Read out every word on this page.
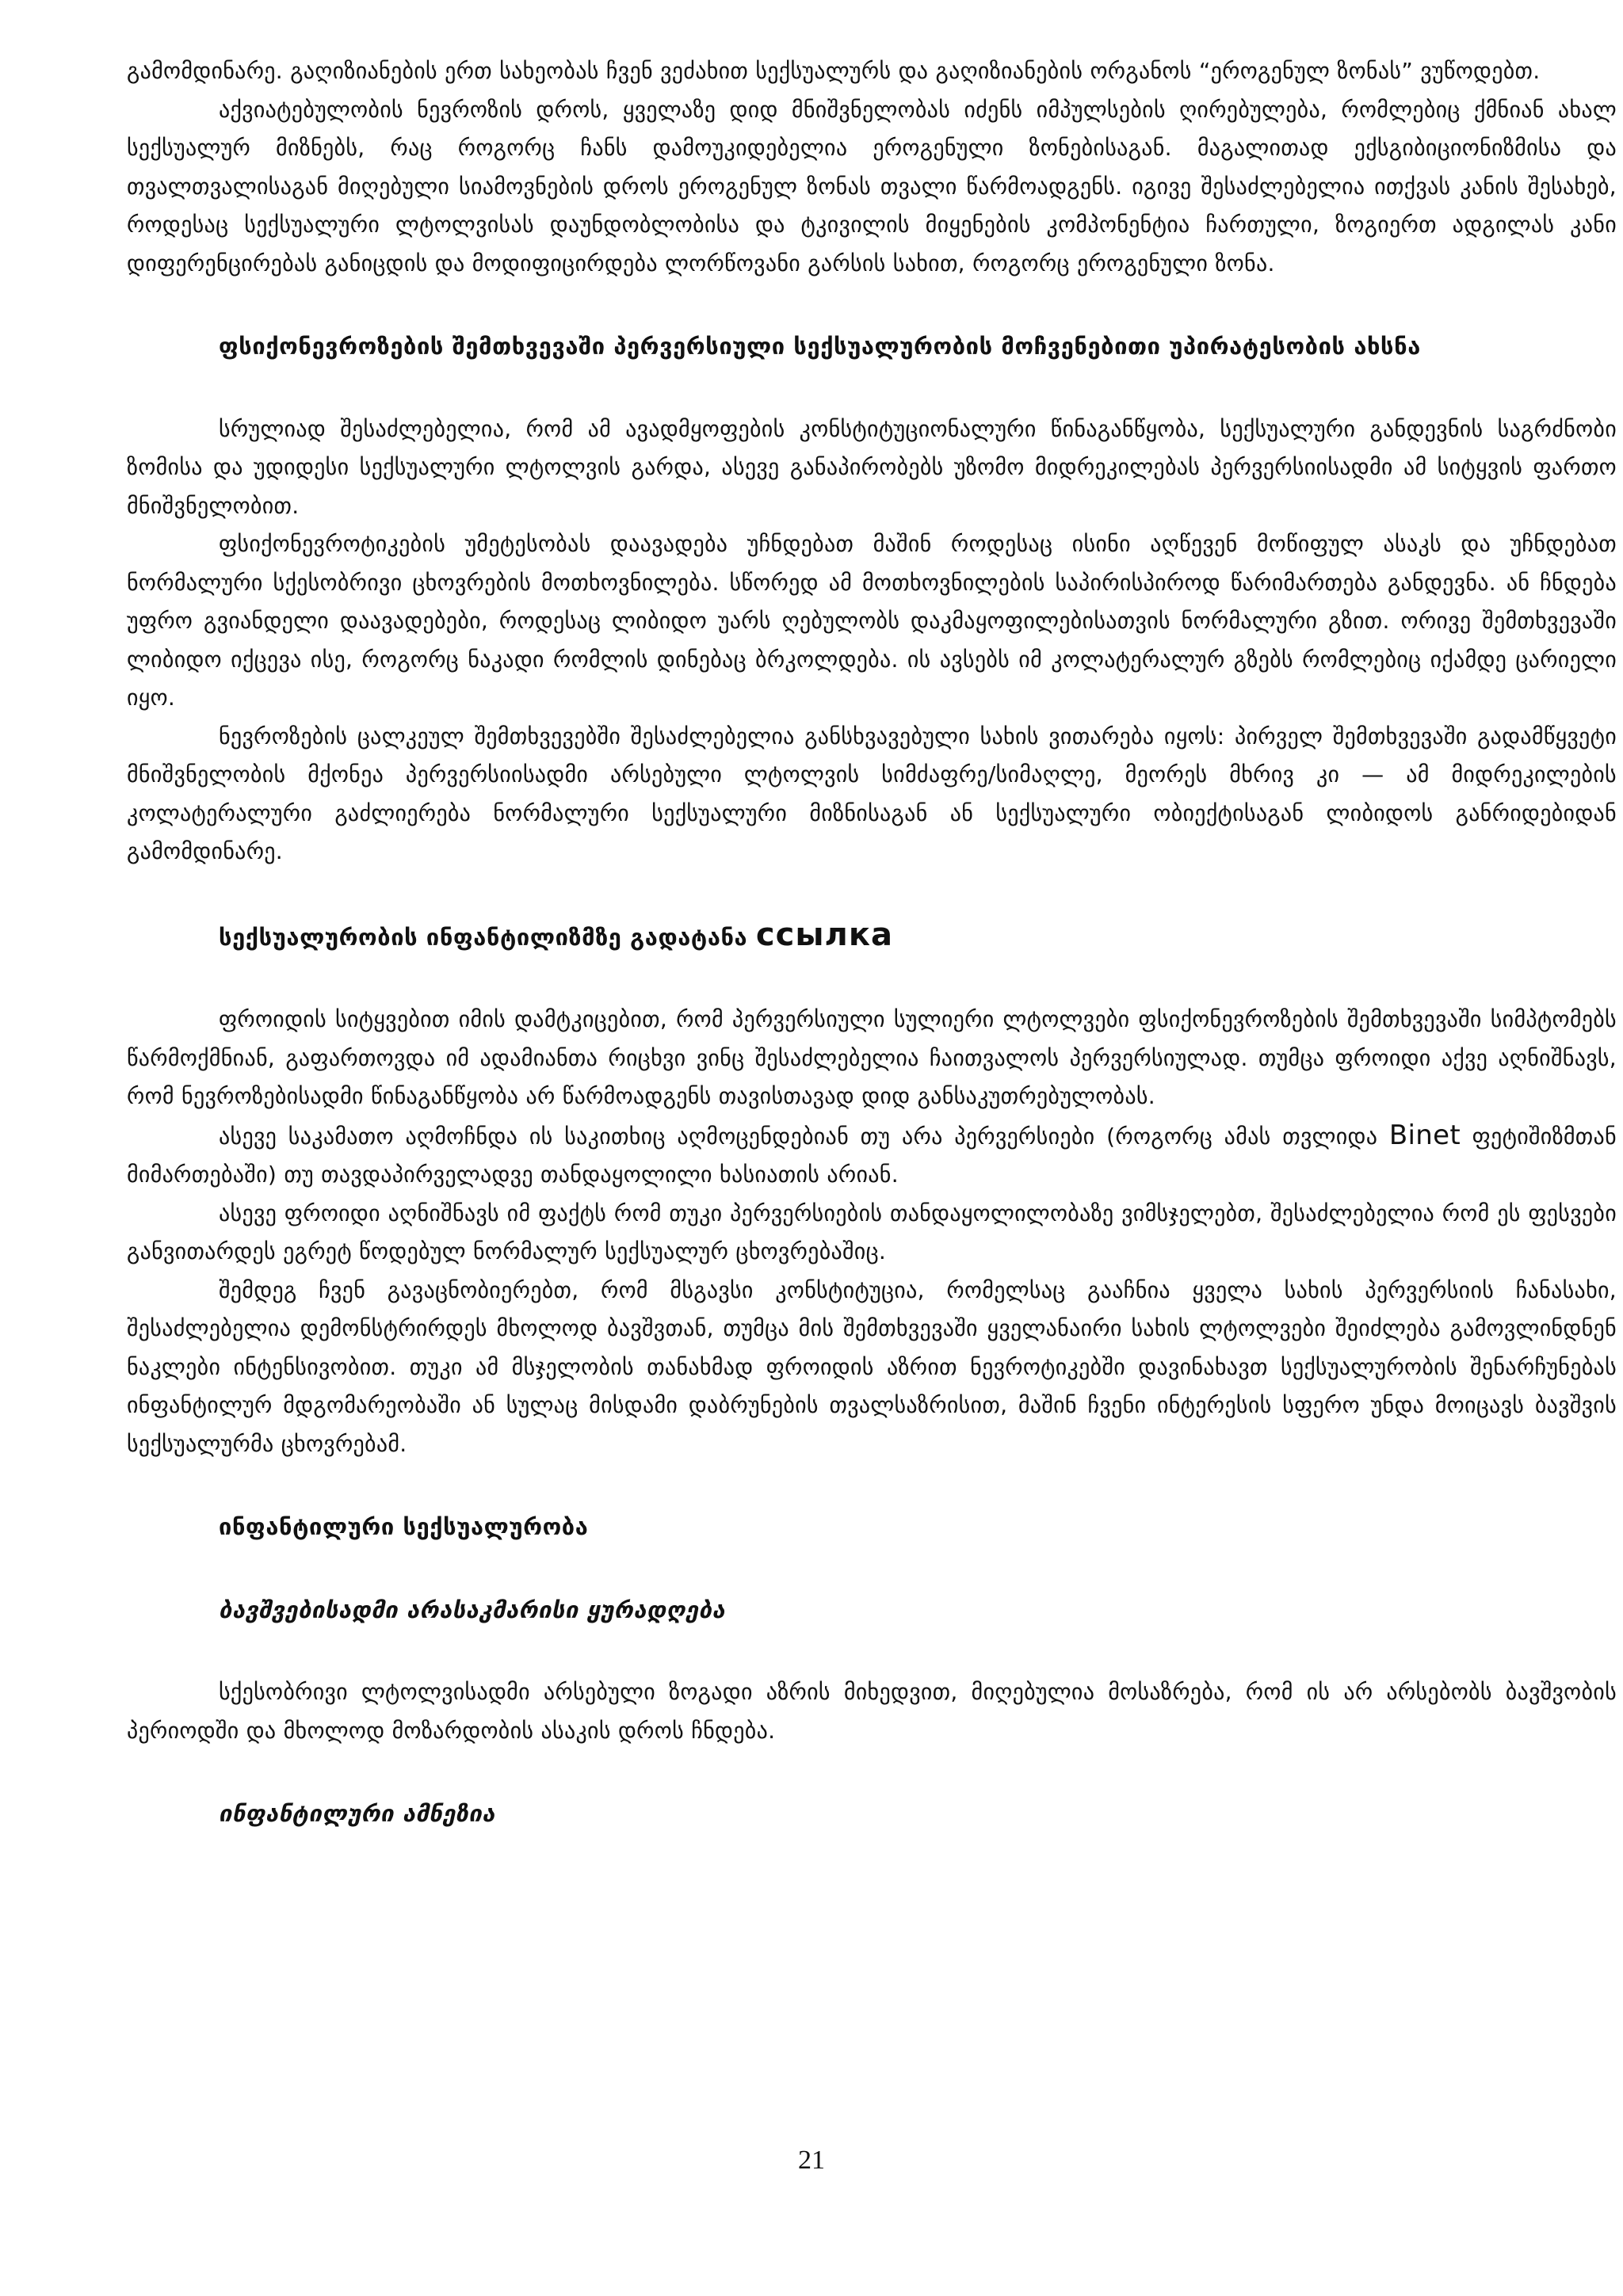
გამომდინარე. გაღიზიანების ერთ სახეობას ჩვენ ვეძახით სექსუალურს და გაღიზიანების ორგანოს “ეროგენულ ზონას” ვუწოდებთ.

აქვიატებულობის ნევროზის დროს, ყველაზე დიდ მნიშვნელობას იძენს იმპულსების ღირებულება, რომლებიც ქმნიან ახალ სექსუალურ მიზნებს, რაც როგორც ჩანს დამოუკიდებელია ეროგენული ზონებისაგან. მაგალითად ექსგიბიციონიზმისა და თვალთვალისაგან მიღებული სიამოვნების დროს ეროგენულ ზონას თვალი წარმოადგენს. იგივე შესაძლებელია ითქვას კანის შესახებ, როდესაც სექსუალური ლტოლვისას დაუნდობლობისა და ტკივილის მიყენების კომპონენტია ჩართული, ზოგიერთ ადგილას კანი დიფერენცირებას განიცდის და მოდიფიცირდება ლორწოვანი გარსის სახით, როგორც ეროგენული ზონა.

ფსიქონევროზების შემთხვევაში პერვერსიული სექსუალურობის მოჩვენებითი უპირატესობის ახსნა

სრულიად შესაძლებელია, რომ ამ ავადმყოფების კონსტიტუციონალური წინაგანწყობა, სექსუალური განდევნის საგრძნობი ზომისა და უდიდესი სექსუალური ლტოლვის გარდა, ასევე განაპირობებს უზომო მიდრეკილებას პერვერსიისადმი ამ სიტყვის ფართო მნიშვნელობით.

ფსიქონევროტიკების უმეტესობას დაავადება უჩნდებათ მაშინ როდესაც ისინი აღწევენ მოწიფულ ასაკს და უჩნდებათ ნორმალური სქესობრივი ცხოვრების მოთხოვნილება. სწორედ ამ მოთხოვნილების საპირისპიროდ წარიმართება განდევნა. ან ჩნდება უფრო გვიანდელი დაავადებები, როდესაც ლიბიდო უარს ღებულობს დაკმაყოფილებისათვის ნორმალური გზით. ორივე შემთხვევაში ლიბიდო იქცევა ისე, როგორც ნაკადი რომლის დინებაც ბრკოლდება. ის ავსებს იმ კოლატერალურ გზებს რომლებიც იქამდე ცარიელი იყო.

ნევროზების ცალკეულ შემთხვევებში შესაძლებელია განსხვავებული სახის ვითარება იყოს: პირველ შემთხვევაში გადამწყვეტი მნიშვნელობის მქონეა პერვერსიისადმი არსებული ლტოლვის სიმძაფრე/სიმაღლე, მეორეს მხრივ კი — ამ მიდრეკილების კოლატერალური გაძლიერება ნორმალური სექსუალური მიზნისაგან ან სექსუალური ობიექტისაგან ლიბიდოს განრიდებიდან გამომდინარე.

სექსუალურობის ინფანტილიზმზე გადატანა ссылка

ფროიდის სიტყვებით იმის დამტკიცებით, რომ პერვერსიული სულიერი ლტოლვები ფსიქონევროზების შემთხვევაში სიმპტომებს წარმოქმნიან, გაფართოვდა იმ ადამიანთა რიცხვი ვინც შესაძლებელია ჩაითვალოს პერვერსიულად. თუმცა ფროიდი აქვე აღნიშნავს, რომ ნევროზებისადმი წინაგანწყობა არ წარმოადგენს თავისთავად დიდ განსაკუთრებულობას.

ასევე საკამათო აღმოჩნდა ის საკითხიც აღმოცენდებიან თუ არა პერვერსიები (როგორც ამას თვლიდა Binet ფეტიშიზმთან მიმართებაში) თუ თავდაპირველადვე თანდაყოლილი ხასიათის არიან.

ასევე ფროიდი აღნიშნავს იმ ფაქტს რომ თუკი პერვერსიების თანდაყოლილობაზე ვიმსჯელებთ, შესაძლებელია რომ ეს ფესვები განვითარდეს ეგრეტ წოდებულ ნორმალურ სექსუალურ ცხოვრებაშიც.

შემდეგ ჩვენ გავაცნობიერებთ, რომ მსგავსი კონსტიტუცია, რომელსაც გააჩნია ყველა სახის პერვერსიის ჩანასახი, შესაძლებელია დემონსტრირდეს მხოლოდ ბავშვთან, თუმცა მის შემთხვევაში ყველანაირი სახის ლტოლვები შეიძლება გამოვლინდნენ ნაკლები ინტენსივობით. თუკი ამ მსჯელობის თანახმად ფროიდის აზრით ნევროტიკებში დავინახავთ სექსუალურობის შენარჩუნებას ინფანტილურ მდგომარეობაში ან სულაც მისდამი დაბრუნების თვალსაზრისით, მაშინ ჩვენი ინტერესის სფერო უნდა მოიცავს ბავშვის სექსუალურმა ცხოვრებამ.

ინფანტილური სექსუალურობა

ბავშვებისადმი არასაკმარისი ყურადღება

სქესობრივი ლტოლვისადმი არსებული ზოგადი აზრის მიხედვით, მიღებულია მოსაზრება, რომ ის არ არსებობს ბავშვობის პერიოდში და მხოლოდ მოზარდობის ასაკის დროს ჩნდება.

ინფანტილური ამნეზია

21
